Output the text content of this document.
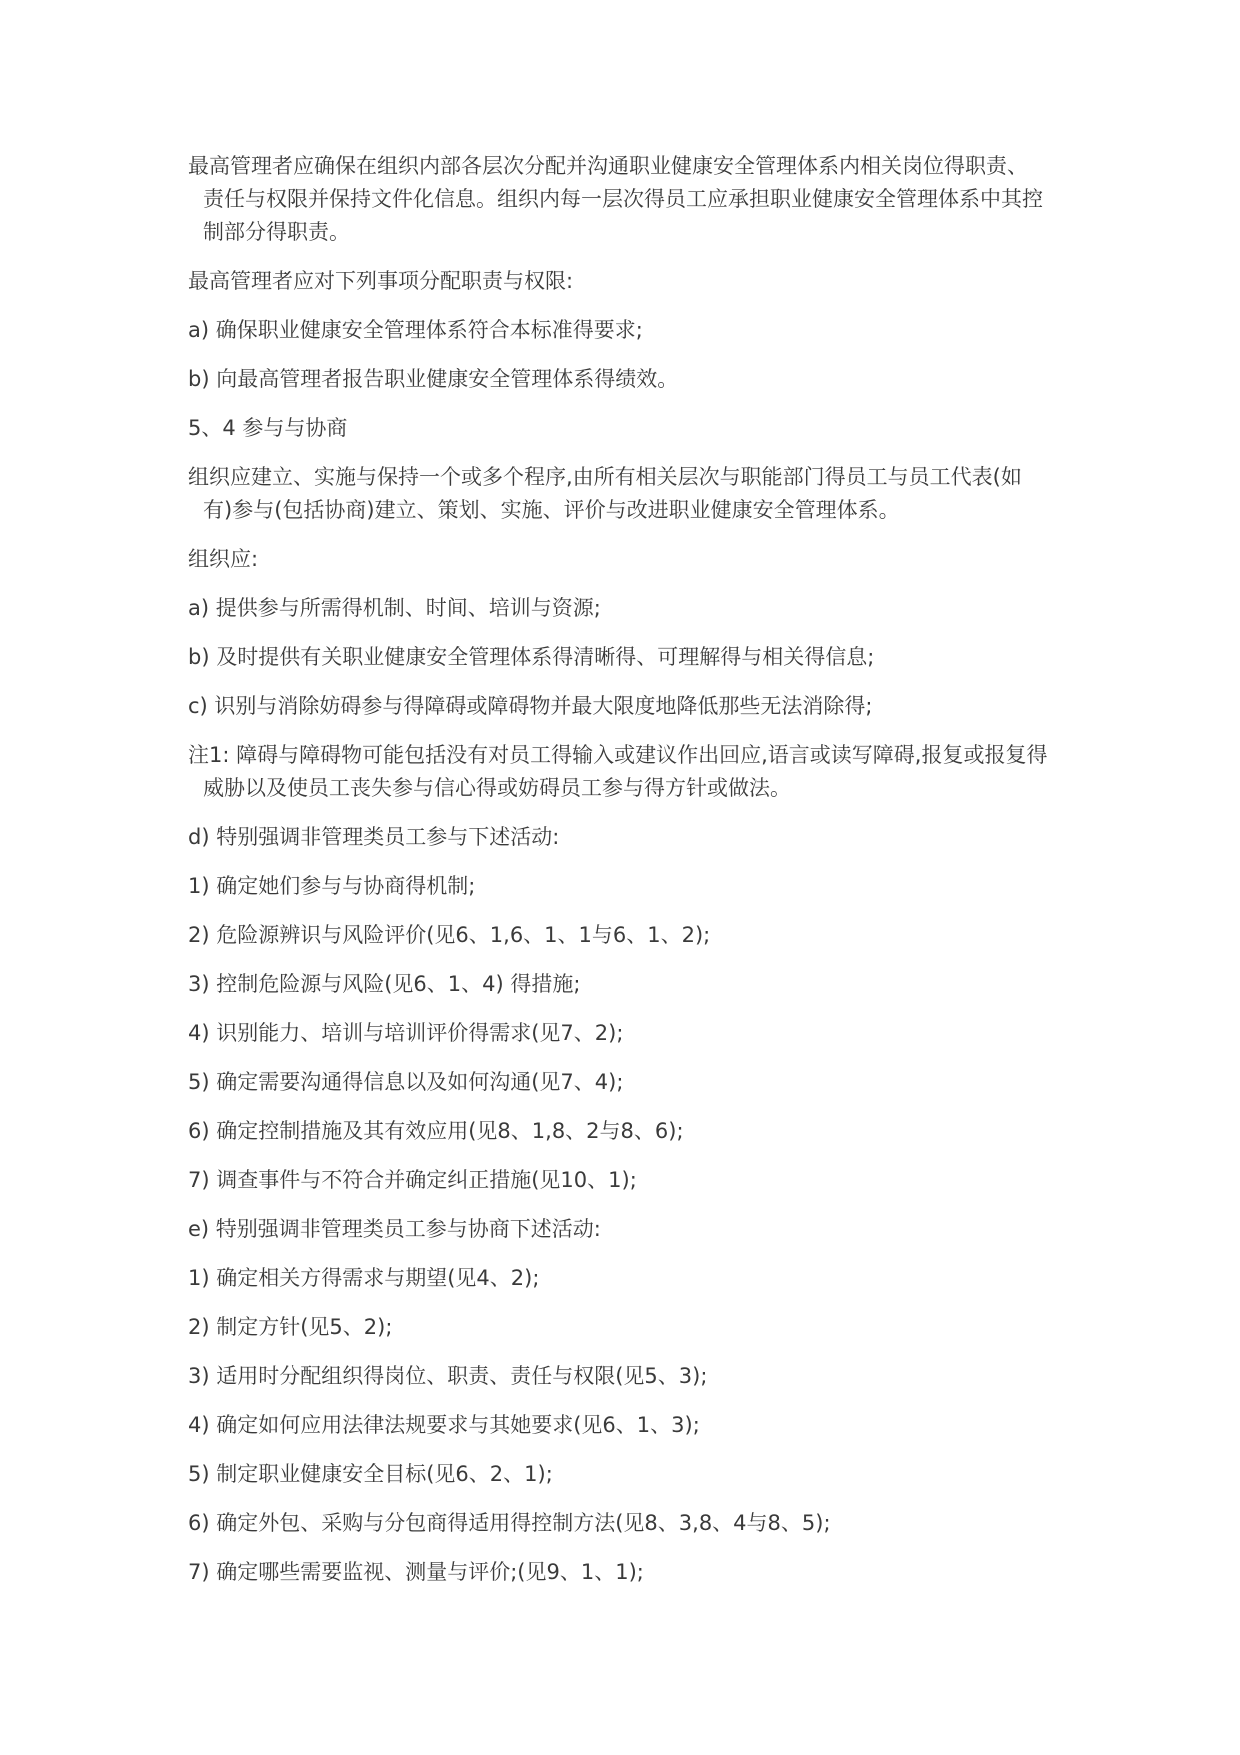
最高管理者应确保在组织内部各层次分配并沟通职业健康安全管理体系内相关岗位得职责、责任与权限并保持文件化信息。组织内每一层次得员工应承担职业健康安全管理体系中其控制部分得职责。

最高管理者应对下列事项分配职责与权限:

a) 确保职业健康安全管理体系符合本标准得要求;

b) 向最高管理者报告职业健康安全管理体系得绩效。

5、4 参与与协商

组织应建立、实施与保持一个或多个程序,由所有相关层次与职能部门得员工与员工代表(如有)参与(包括协商)建立、策划、实施、评价与改进职业健康安全管理体系。

组织应:

a) 提供参与所需得机制、时间、培训与资源;

b) 及时提供有关职业健康安全管理体系得清晰得、可理解得与相关得信息;

c) 识别与消除妨碍参与得障碍或障碍物并最大限度地降低那些无法消除得;

注1: 障碍与障碍物可能包括没有对员工得输入或建议作出回应,语言或读写障碍,报复或报复得威胁以及使员工丧失参与信心得或妨碍员工参与得方针或做法。

d) 特别强调非管理类员工参与下述活动:

1) 确定她们参与与协商得机制;

2) 危险源辨识与风险评价(见6、1,6、1、1与6、1、2);

3) 控制危险源与风险(见6、1、4) 得措施;

4) 识别能力、培训与培训评价得需求(见7、2);

5) 确定需要沟通得信息以及如何沟通(见7、4);

6) 确定控制措施及其有效应用(见8、1,8、2与8、6);

7) 调查事件与不符合并确定纠正措施(见10、1);

e) 特别强调非管理类员工参与协商下述活动:

1) 确定相关方得需求与期望(见4、2);

2) 制定方针(见5、2);

3) 适用时分配组织得岗位、职责、责任与权限(见5、3);

4) 确定如何应用法律法规要求与其她要求(见6、1、3);

5) 制定职业健康安全目标(见6、2、1);

6) 确定外包、采购与分包商得适用得控制方法(见8、3,8、4与8、5);

7) 确定哪些需要监视、测量与评价;(见9、1、1);
